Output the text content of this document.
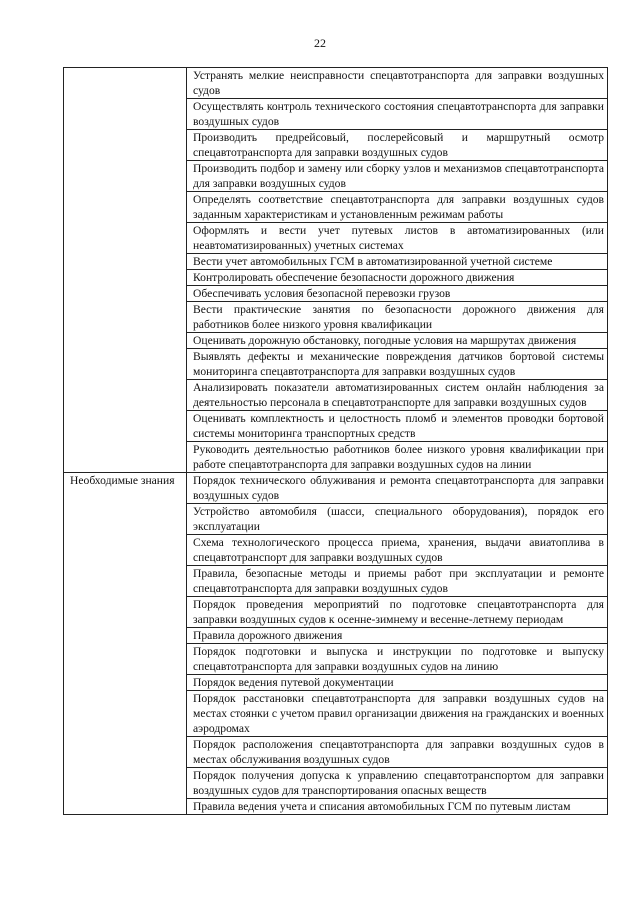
22
	Устранять мелкие неисправности спецавтотранспорта для заправки воздушных судов
	Осуществлять контроль технического состояния спецавтотранспорта для заправки воздушных судов
	Производить предрейсовый, послерейсовый и маршрутный осмотр спецавтотранспорта для заправки воздушных судов
	Производить подбор и замену или сборку узлов и механизмов спецавтотранспорта для заправки воздушных судов
	Определять соответствие спецавтотранспорта для заправки воздушных судов заданным характеристикам и установленным режимам работы
	Оформлять и вести учет путевых листов в автоматизированных (или неавтоматизированных) учетных системах
	Вести учет автомобильных ГСМ в автоматизированной учетной системе
	Контролировать обеспечение безопасности дорожного движения
	Обеспечивать условия безопасной перевозки грузов
	Вести практические занятия по безопасности дорожного движения для работников более низкого уровня квалификации
	Оценивать дорожную обстановку, погодные условия на маршрутах движения
	Выявлять дефекты и механические повреждения датчиков бортовой системы мониторинга спецавтотранспорта для заправки воздушных судов
	Анализировать показатели автоматизированных систем онлайн наблюдения за деятельностью персонала в спецавтотранспорте для заправки воздушных судов
	Оценивать комплектность и целостность пломб и элементов проводки бортовой системы мониторинга транспортных средств
	Руководить деятельностью работников более низкого уровня квалификации при работе спецавтотранспорта для заправки воздушных судов на линии
Необходимые знания	Порядок технического облуживания и ремонта спецавтотранспорта для заправки воздушных судов
	Устройство автомобиля (шасси, специального оборудования), порядок его эксплуатации
	Схема технологического процесса приема, хранения, выдачи авиатоплива в спецавтотранспорт для заправки воздушных судов
	Правила, безопасные методы и приемы работ при эксплуатации и ремонте спецавтотранспорта для заправки воздушных судов
	Порядок проведения мероприятий по подготовке спецавтотранспорта для заправки воздушных судов к осенне-зимнему и весенне-летнему периодам
	Правила дорожного движения
	Порядок подготовки и выпуска и инструкции по подготовке и выпуску спецавтотранспорта для заправки воздушных судов на линию
	Порядок ведения путевой документации
	Порядок расстановки спецавтотранспорта для заправки воздушных судов на местах стоянки с учетом правил организации движения на гражданских и военных аэродромах
	Порядок расположения спецавтотранспорта для заправки воздушных судов в местах обслуживания воздушных судов
	Порядок получения допуска к управлению спецавтотранспортом для заправки воздушных судов для транспортирования опасных веществ
	Правила ведения учета и списания автомобильных ГСМ по путевым листам
